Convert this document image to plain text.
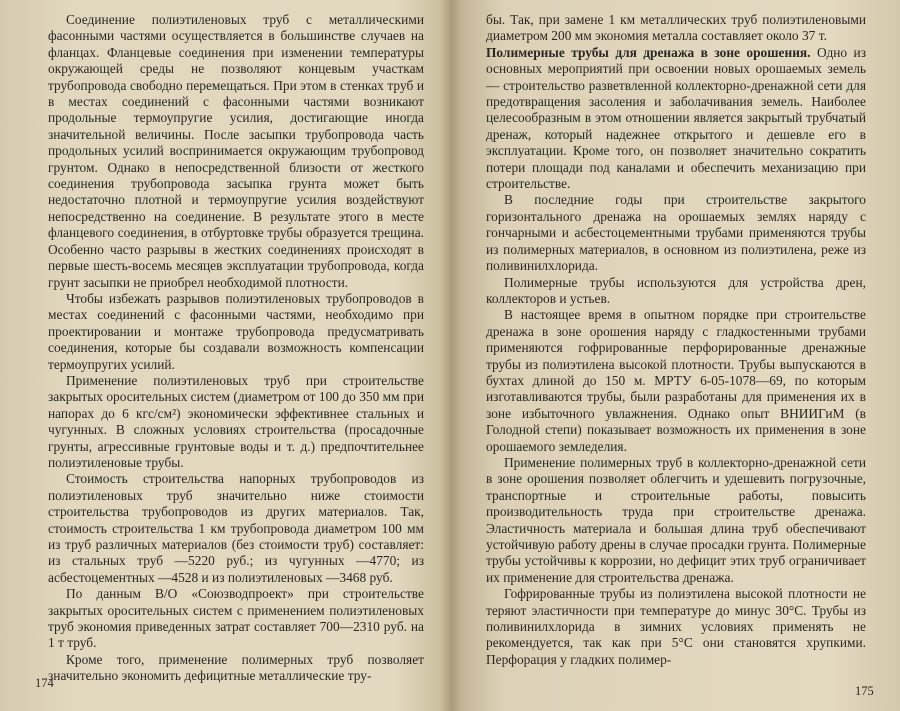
Соединение полиэтиленовых труб с металлическими фасонными частями осуществляется в большинстве случаев на фланцах. Фланцевые соединения при изменении температуры окружающей среды не позволяют концевым участкам трубопровода свободно перемещаться. При этом в стенках труб и в местах соединений с фасонными частями возникают продольные термоупругие усилия, достигающие иногда значительной величины. После засыпки трубопровода часть продольных усилий воспринимается окружающим трубопровод грунтом. Однако в непосредственной близости от жесткого соединения трубопровода засыпка грунта может быть недостаточно плотной и термоупругие усилия воздействуют непосредственно на соединение. В результате этого в месте фланцевого соединения, в отбуртовке трубы образуется трещина. Особенно часто разрывы в жестких соединениях происходят в первые шесть-восемь месяцев эксплуатации трубопровода, когда грунт засыпки не приобрел необходимой плотности.

Чтобы избежать разрывов полиэтиленовых трубопроводов в местах соединений с фасонными частями, необходимо при проектировании и монтаже трубопровода предусматривать соединения, которые бы создавали возможность компенсации термоупругих усилий.

Применение полиэтиленовых труб при строительстве закрытых оросительных систем (диаметром от 100 до 350 мм при напорах до 6 кгс/см²) экономически эффективнее стальных и чугунных. В сложных условиях строительства (просадочные грунты, агрессивные грунтовые воды и т. д.) предпочтительнее полиэтиленовые трубы.

Стоимость строительства напорных трубопроводов из полиэтиленовых труб значительно ниже стоимости строительства трубопроводов из других материалов. Так, стоимость строительства 1 км трубопровода диаметром 100 мм из труб различных материалов (без стоимости труб) составляет: из стальных труб —5220 руб.; из чугунных —4770; из асбестоцементных —4528 и из полиэтиленовых —3468 руб.

По данным В/О «Союзводпроект» при строительстве закрытых оросительных систем с применением полиэтиленовых труб экономия приведенных затрат составляет 700—2310 руб. на 1 т труб.

Кроме того, применение полимерных труб позволяет значительно экономить дефицитные металлические тру-

174

бы. Так, при замене 1 км металлических труб полиэтиленовыми диаметром 200 мм экономия металла составляет около 37 т.

Полимерные трубы для дренажа в зоне орошения. Одно из основных мероприятий при освоении новых орошаемых земель — строительство разветвленной коллекторно-дренажной сети для предотвращения засоления и заболачивания земель. Наиболее целесообразным в этом отношении является закрытый трубчатый дренаж, который надежнее открытого и дешевле его в эксплуатации. Кроме того, он позволяет значительно сократить потери площади под каналами и обеспечить механизацию при строительстве.

В последние годы при строительстве закрытого горизонтального дренажа на орошаемых землях наряду с гончарными и асбестоцементными трубами применяются трубы из полимерных материалов, в основном из полиэтилена, реже из поливинилхлорида.

Полимерные трубы используются для устройства дрен, коллекторов и устьев.

В настоящее время в опытном порядке при строительстве дренажа в зоне орошения наряду с гладкостенными трубами применяются гофрированные перфорированные дренажные трубы из полиэтилена высокой плотности. Трубы выпускаются в бухтах длиной до 150 м. МРТУ 6-05-1078—69, по которым изготавливаются трубы, были разработаны для применения их в зоне избыточного увлажнения. Однако опыт ВНИИГиМ (в Голодной степи) показывает возможность их применения в зоне орошаемого земледелия.

Применение полимерных труб в коллекторно-дренажной сети в зоне орошения позволяет облегчить и удешевить погрузочные, транспортные и строительные работы, повысить производительность труда при строительстве дренажа. Эластичность материала и большая длина труб обеспечивают устойчивую работу дрены в случае просадки грунта. Полимерные трубы устойчивы к коррозии, но дефицит этих труб ограничивает их применение для строительства дренажа.

Гофрированные трубы из полиэтилена высокой плотности не теряют эластичности при температуре до минус 30°С. Трубы из поливинилхлорида в зимних условиях применять не рекомендуется, так как при 5°С они становятся хрупкими. Перфорация у гладких полимер-

175
